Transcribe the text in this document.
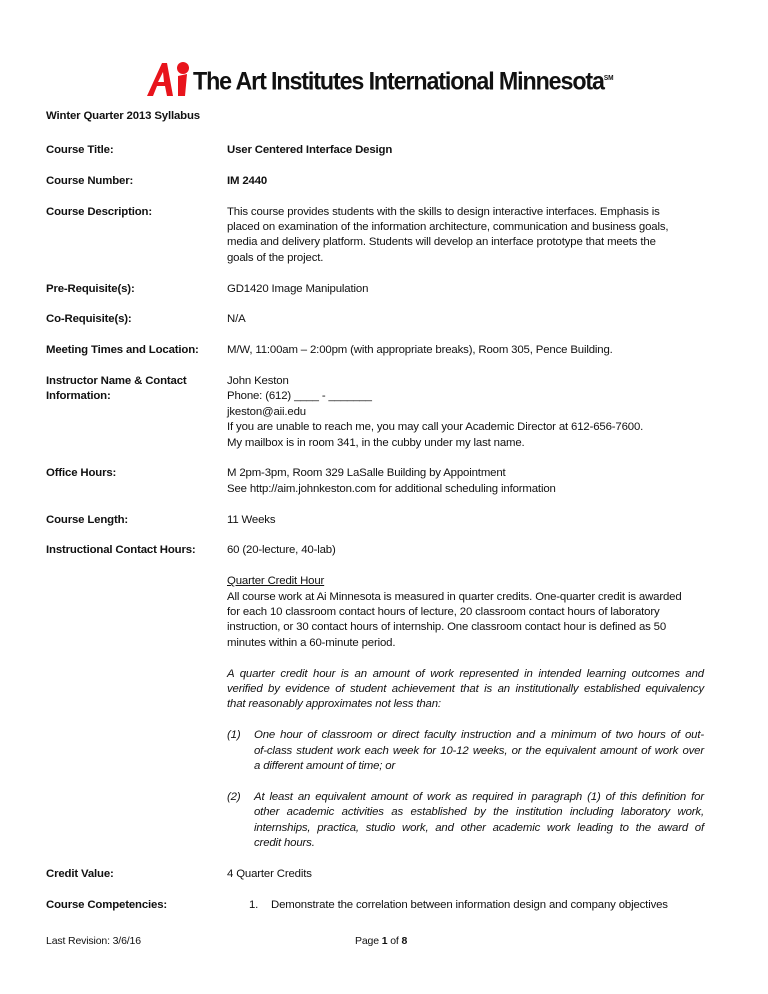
The Art Institutes International Minnesota℠
Winter Quarter 2013 Syllabus
Course Title:	User Centered Interface Design
Course Number:	IM 2440
Course Description:	This course provides students with the skills to design interactive interfaces. Emphasis is
placed on examination of the information architecture, communication and business goals,
media and delivery platform. Students will develop an interface prototype that meets the
goals of the project.
Pre-Requisite(s):	GD1420 Image Manipulation
Co-Requisite(s):	N/A
Meeting Times and Location:	M/W, 11:00am – 2:00pm (with appropriate breaks), Room 305, Pence Building.
Instructor Name & Contact
Information:
John Keston
Phone: (612) ____ - _______
jkeston@aii.edu
If you are unable to reach me, you may call your Academic Director at 612-656-7600.
My mailbox is in room 341, in the cubby under my last name.
Office Hours:	M 2pm-3pm, Room 329 LaSalle Building by Appointment
See http://aim.johnkeston.com for additional scheduling information
Course Length:	11 Weeks
Instructional Contact Hours:	60 (20-lecture, 40-lab)
Quarter Credit Hour
All course work at Ai Minnesota is measured in quarter credits. One-quarter credit is awarded
for each 10 classroom contact hours of lecture, 20 classroom contact hours of laboratory
instruction, or 30 contact hours of internship. One classroom contact hour is defined as 50
minutes within a 60-minute period.
A quarter credit hour is an amount of work represented in intended learning outcomes and
verified by evidence of student achievement that is an institutionally established equivalency
that reasonably approximates not less than:
(1)	One hour of classroom or direct faculty instruction and a minimum of two hours of out-
of-class student work each week for 10-12 weeks, or the equivalent amount of work over
a different amount of time; or
(2)	At least an equivalent amount of work as required in paragraph (1) of this definition for
other academic activities as established by the institution including laboratory work,
internships, practica, studio work, and other academic work leading to the award of
credit hours.
Credit Value:	4 Quarter Credits
Course Competencies:	1.	Demonstrate the correlation between information design and company objectives
Last Revision: 3/6/16	Page 1 of 8
